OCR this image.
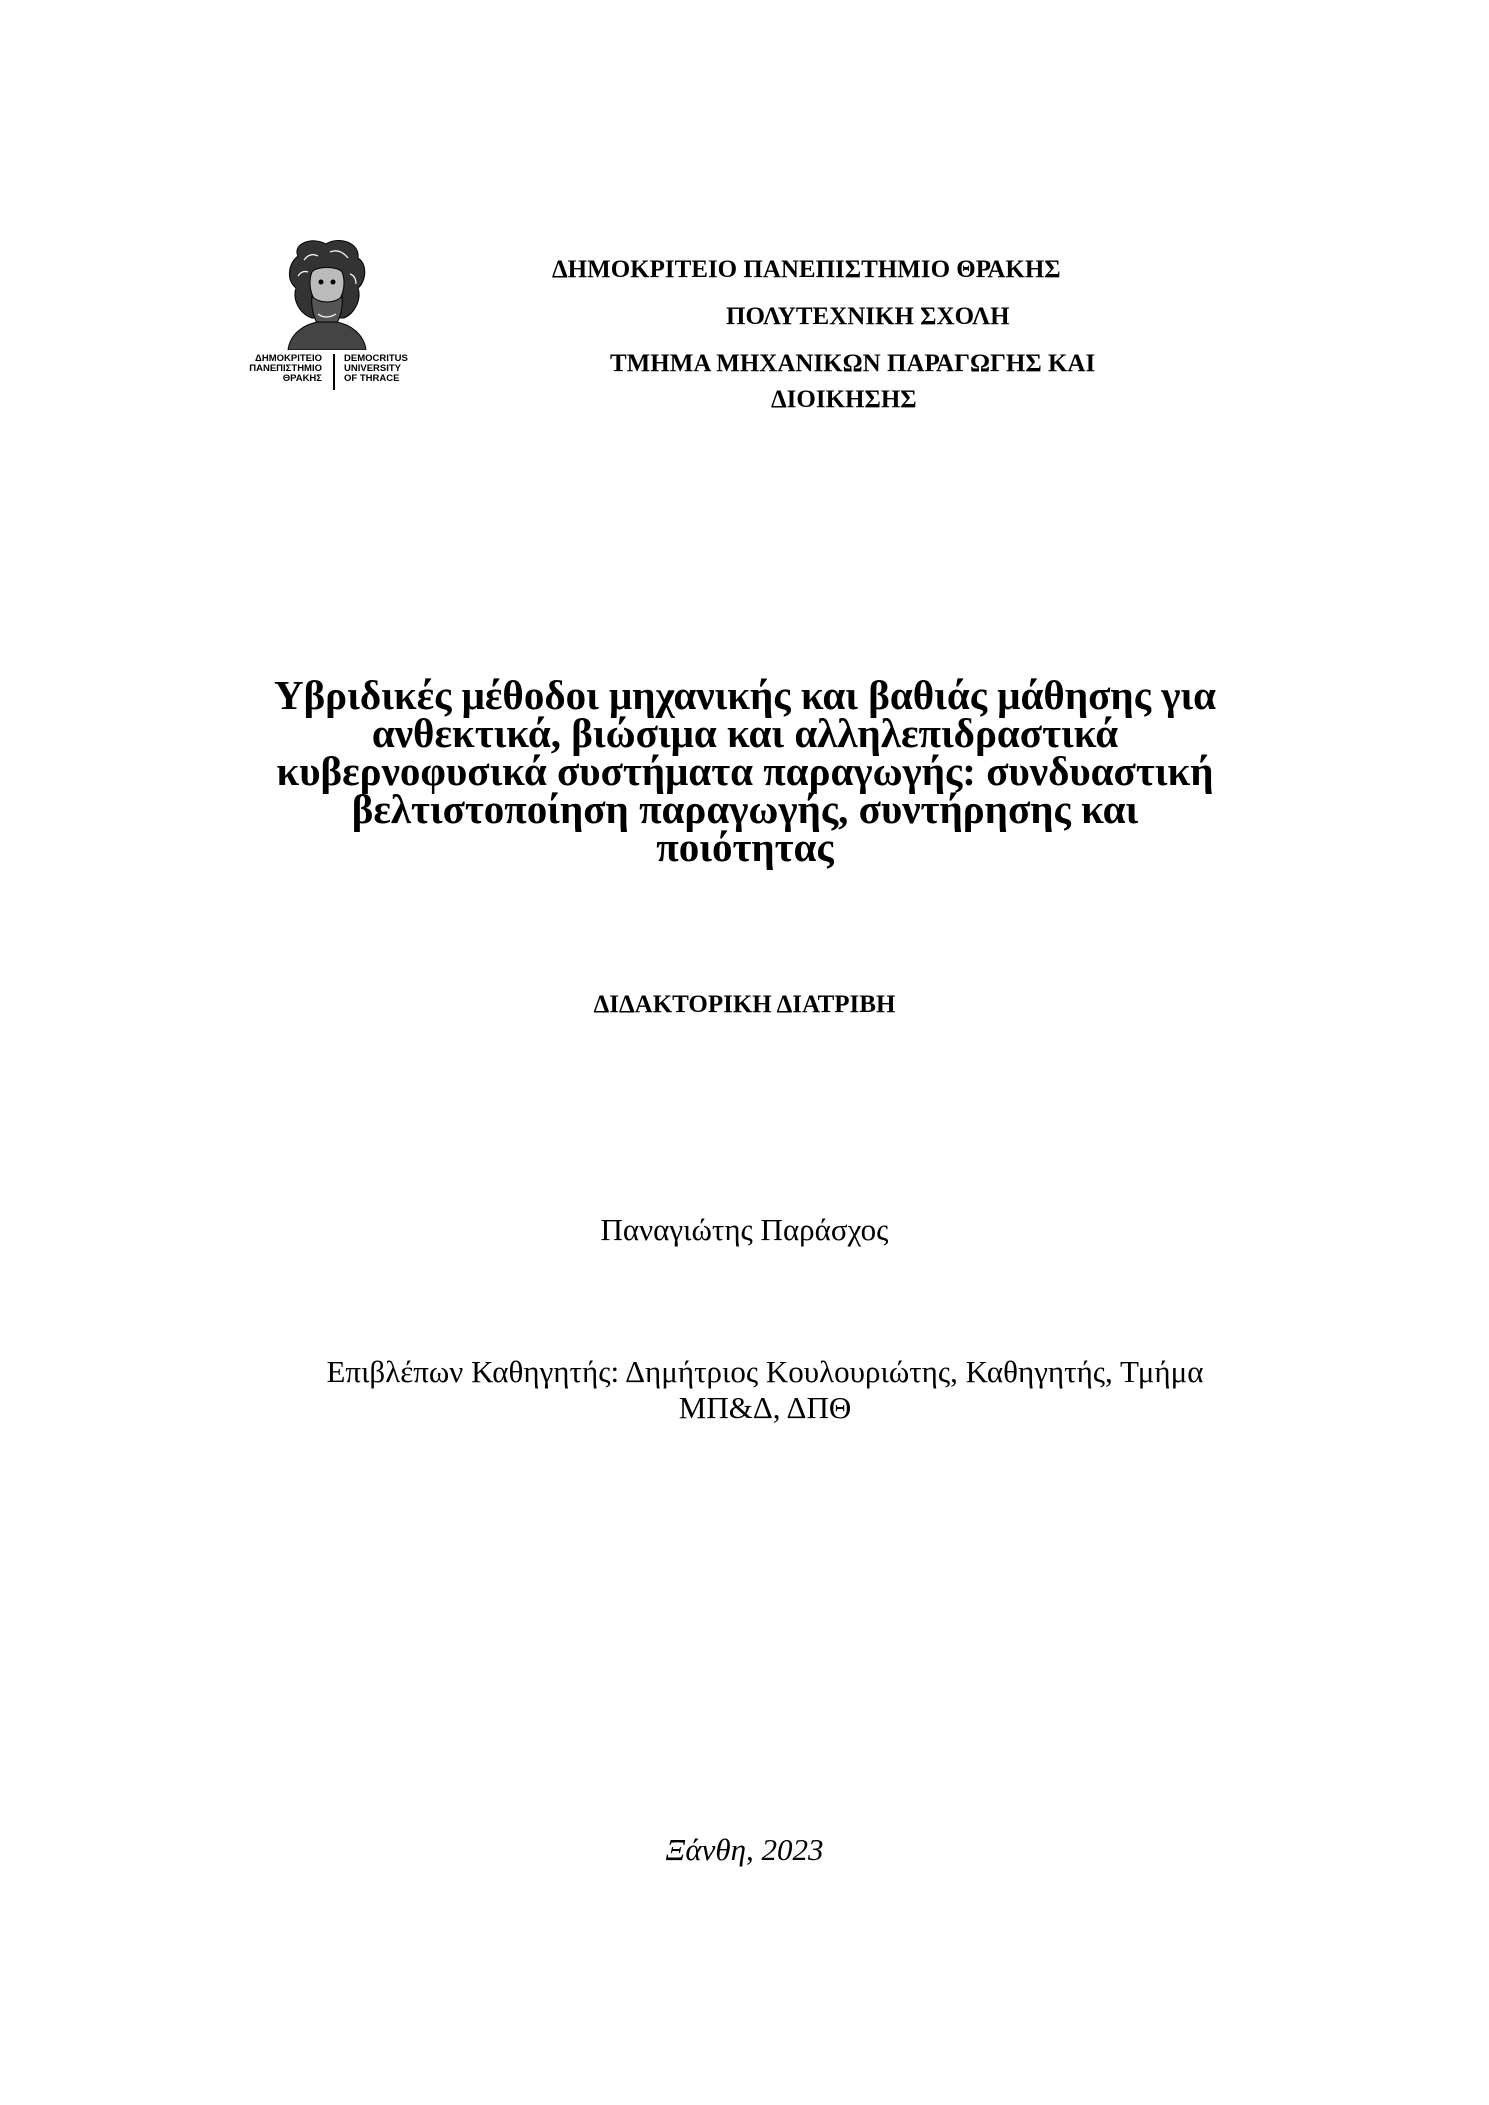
ΔΗΜΟΚΡΙΤΕΙΟ
ΠΑΝΕΠΙΣΤΗΜΙΟ
ΘΡΑΚΗΣ
DEMOCRITUS
UNIVERSITY
OF THRACE
ΔΗΜΟΚΡΙΤΕΙΟ ΠΑΝΕΠΙΣΤΗΜΙΟ ΘΡΑΚΗΣ
ΠΟΛΥΤΕΧΝΙΚΗ ΣΧΟΛΗ
ΤΜΗΜΑ ΜΗΧΑΝΙΚΩΝ ΠΑΡΑΓΩΓΗΣ ΚΑΙ
ΔΙΟΙΚΗΣΗΣ
Υβριδικές μέθοδοι μηχανικής και βαθιάς μάθησης για
ανθεκτικά, βιώσιμα και αλληλεπιδραστικά
κυβερνοφυσικά συστήματα παραγωγής: συνδυαστική
βελτιστοποίηση παραγωγής, συντήρησης και
ποιότητας
ΔΙΔΑΚΤΟΡΙΚΗ ΔΙΑΤΡΙΒΗ
Παναγιώτης Παράσχος
Επιβλέπων Καθηγητής: Δημήτριος Κουλουριώτης, Καθηγητής, Τμήμα
ΜΠ&Δ, ΔΠΘ
Ξάνθη, 2023
